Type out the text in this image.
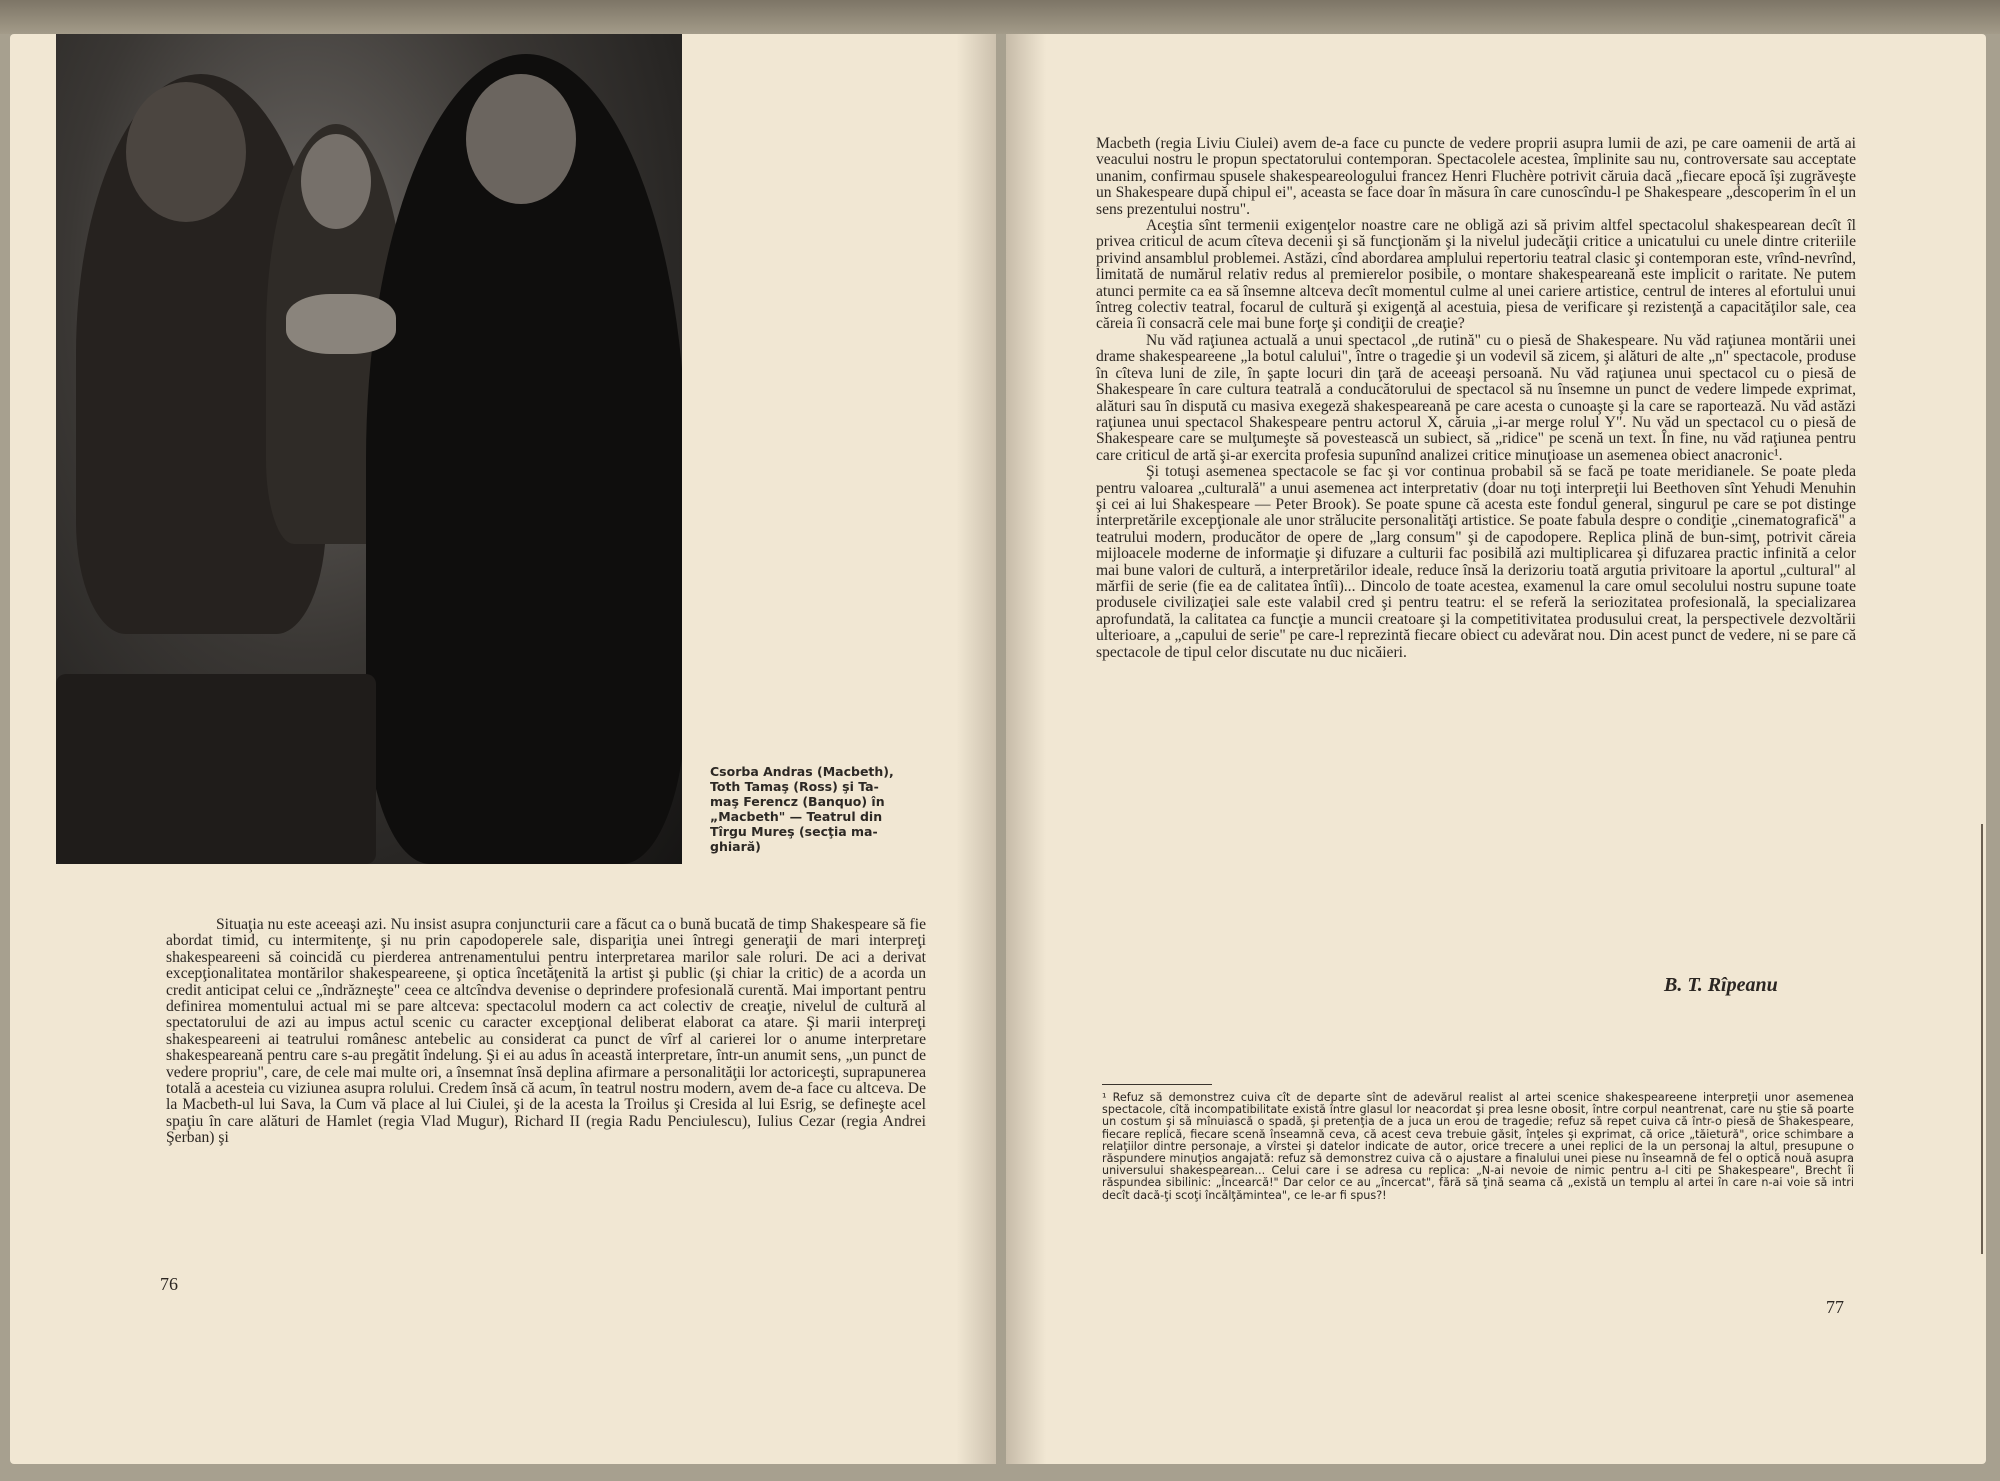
Csorba Andras (Macbeth),
Toth Tamaş (Ross) şi Ta-
maş Ferencz (Banquo) în
„Macbeth" — Teatrul din
Tîrgu Mureş (secţia ma-
ghiară)

Situaţia nu este aceeaşi azi. Nu insist asupra conjuncturii care a făcut ca o bună bucată de timp Shakespeare să fie abordat timid, cu intermitenţe, şi nu prin capodoperele sale, dispariţia unei întregi generaţii de mari interpreţi shakespeareeni să coincidă cu pierderea antrenamentului pentru interpretarea marilor sale roluri. De aci a derivat excepţionalitatea montărilor shakespeareene, şi optica încetăţenită la artist şi public (şi chiar la critic) de a acorda un credit anticipat celui ce „îndrăzneşte" ceea ce altcîndva devenise o deprindere profesională curentă. Mai important pentru definirea momentului actual mi se pare altceva: spectacolul modern ca act colectiv de creaţie, nivelul de cultură al spectatorului de azi au impus actul scenic cu caracter excepţional deliberat elaborat ca atare. Şi marii interpreţi shakespeareeni ai teatrului românesc antebelic au considerat ca punct de vîrf al carierei lor o anume interpretare shakespeareană pentru care s-au pregătit îndelung. Şi ei au adus în această interpretare, într-un anumit sens, „un punct de vedere propriu", care, de cele mai multe ori, a însemnat însă deplina afirmare a personalităţii lor actoriceşti, suprapunerea totală a acesteia cu viziunea asupra rolului. Credem însă că acum, în teatrul nostru modern, avem de-a face cu altceva. De la Macbeth-ul lui Sava, la Cum vă place al lui Ciulei, şi de la acesta la Troilus şi Cresida al lui Esrig, se defineşte acel spaţiu în care alături de Hamlet (regia Vlad Mugur), Richard II (regia Radu Penciulescu), Iulius Cezar (regia Andrei Şerban) şi

76

Macbeth (regia Liviu Ciulei) avem de-a face cu puncte de vedere proprii asupra lumii de azi, pe care oamenii de artă ai veacului nostru le propun spectatorului contemporan. Spectacolele acestea, împlinite sau nu, controversate sau acceptate unanim, confirmau spusele shakespeareologului francez Henri Fluchère potrivit căruia dacă „fiecare epocă îşi zugrăveşte un Shakespeare după chipul ei", aceasta se face doar în măsura în care cunoscîndu-l pe Shakespeare „descoperim în el un sens prezentului nostru".

Aceştia sînt termenii exigenţelor noastre care ne obligă azi să privim altfel spectacolul shakespearean decît îl privea criticul de acum cîteva decenii şi să funcţionăm şi la nivelul judecăţii critice a unicatului cu unele dintre criteriile privind ansamblul problemei. Astăzi, cînd abordarea amplului repertoriu teatral clasic şi contemporan este, vrînd-nevrînd, limitată de numărul relativ redus al premierelor posibile, o montare shakespeareană este implicit o raritate. Ne putem atunci permite ca ea să însemne altceva decît momentul culme al unei cariere artistice, centrul de interes al efortului unui întreg colectiv teatral, focarul de cultură şi exigenţă al acestuia, piesa de verificare şi rezistenţă a capacităţilor sale, cea căreia îi consacră cele mai bune forţe şi condiţii de creaţie?

Nu văd raţiunea actuală a unui spectacol „de rutină" cu o piesă de Shakespeare. Nu văd raţiunea montării unei drame shakespeareene „la botul calului", între o tragedie şi un vodevil să zicem, şi alături de alte „n" spectacole, produse în cîteva luni de zile, în şapte locuri din ţară de aceeaşi persoană. Nu văd raţiunea unui spectacol cu o piesă de Shakespeare în care cultura teatrală a conducătorului de spectacol să nu însemne un punct de vedere limpede exprimat, alături sau în dispută cu masiva exegeză shakespeareană pe care acesta o cunoaşte şi la care se raportează. Nu văd astăzi raţiunea unui spectacol Shakespeare pentru actorul X, căruia „i-ar merge rolul Y". Nu văd un spectacol cu o piesă de Shakespeare care se mulţumeşte să povestească un subiect, să „ridice" pe scenă un text. În fine, nu văd raţiunea pentru care criticul de artă şi-ar exercita profesia supunînd analizei critice minuţioase un asemenea obiect anacronic¹.

Şi totuşi asemenea spectacole se fac şi vor continua probabil să se facă pe toate meridianele. Se poate pleda pentru valoarea „culturală" a unui asemenea act interpretativ (doar nu toţi interpreţii lui Beethoven sînt Yehudi Menuhin şi cei ai lui Shakespeare — Peter Brook). Se poate spune că acesta este fondul general, singurul pe care se pot distinge interpretările excepţionale ale unor strălucite personalităţi artistice. Se poate fabula despre o condiţie „cinematografică" a teatrului modern, producător de opere de „larg consum" şi de capodopere. Replica plină de bun-simţ, potrivit căreia mijloacele moderne de informaţie şi difuzare a culturii fac posibilă azi multiplicarea şi difuzarea practic infinită a celor mai bune valori de cultură, a interpretărilor ideale, reduce însă la derizoriu toată argutia privitoare la aportul „cultural" al mărfii de serie (fie ea de calitatea întîi)... Dincolo de toate acestea, examenul la care omul secolului nostru supune toate produsele civilizaţiei sale este valabil cred şi pentru teatru: el se referă la seriozitatea profesională, la specializarea aprofundată, la calitatea ca funcţie a muncii creatoare şi la competitivitatea produsului creat, la perspectivele dezvoltării ulterioare, a „capului de serie" pe care-l reprezintă fiecare obiect cu adevărat nou. Din acest punct de vedere, ni se pare că spectacole de tipul celor discutate nu duc nicăieri.

B. T. Rîpeanu
¹ Refuz să demonstrez cuiva cît de departe sînt de adevărul realist al artei scenice shakespeareene interpreţii unor asemenea spectacole, cîtă incompatibilitate există între glasul lor neacordat şi prea lesne obosit, între corpul neantrenat, care nu ştie să poarte un costum şi să mînuiască o spadă, şi pretenţia de a juca un erou de tragedie; refuz să repet cuiva că într-o piesă de Shakespeare, fiecare replică, fiecare scenă înseamnă ceva, că acest ceva trebuie găsit, înţeles şi exprimat, că orice „tăietură", orice schimbare a relaţiilor dintre personaje, a vîrstei şi datelor indicate de autor, orice trecere a unei replici de la un personaj la altul, presupune o răspundere minuţios angajată: refuz să demonstrez cuiva că o ajustare a finalului unei piese nu înseamnă de fel o optică nouă asupra universului shakespearean... Celui care i se adresa cu replica: „N-ai nevoie de nimic pentru a-l citi pe Shakespeare", Brecht îi răspundea sibilinic: „Încearcă!" Dar celor ce au „încercat", fără să ţină seama că „există un templu al artei în care n-ai voie să intri decît dacă-ţi scoţi încălţămintea", ce le-ar fi spus?!
77
